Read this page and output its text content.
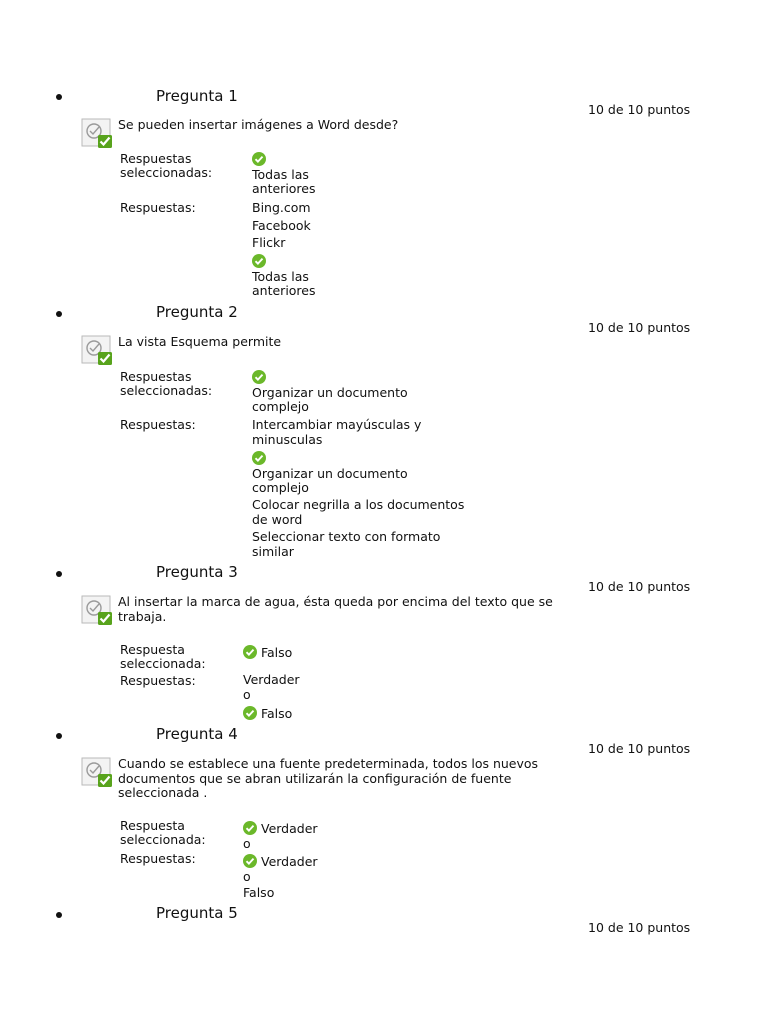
Pregunta 1
10 de 10 puntos
Se pueden insertar imágenes a Word desde?
Respuestas seleccionadas:	Todas las anteriores
Respuestas:	Bing.com
Facebook
Flickr
Todas las anteriores
Pregunta 2
10 de 10 puntos
La vista Esquema permite
Respuestas seleccionadas:	Organizar un documento complejo
Respuestas:	Intercambiar mayúsculas y minusculas
Organizar un documento complejo
Colocar negrilla a los documentos de word
Seleccionar texto con formato similar
Pregunta 3
10 de 10 puntos
Al insertar la marca de agua, ésta queda por encima del texto que se trabaja.
Respuesta seleccionada:
Falso
Respuestas:	Verdadero
Falso
Pregunta 4
10 de 10 puntos
Cuando se establece una fuente predeterminada, todos los nuevos documentos que se abran utilizarán la configuración de fuente seleccionada .
Respuesta seleccionada:
Verdadero
Respuestas:	Verdadero
Falso
Pregunta 5
10 de 10 puntos
